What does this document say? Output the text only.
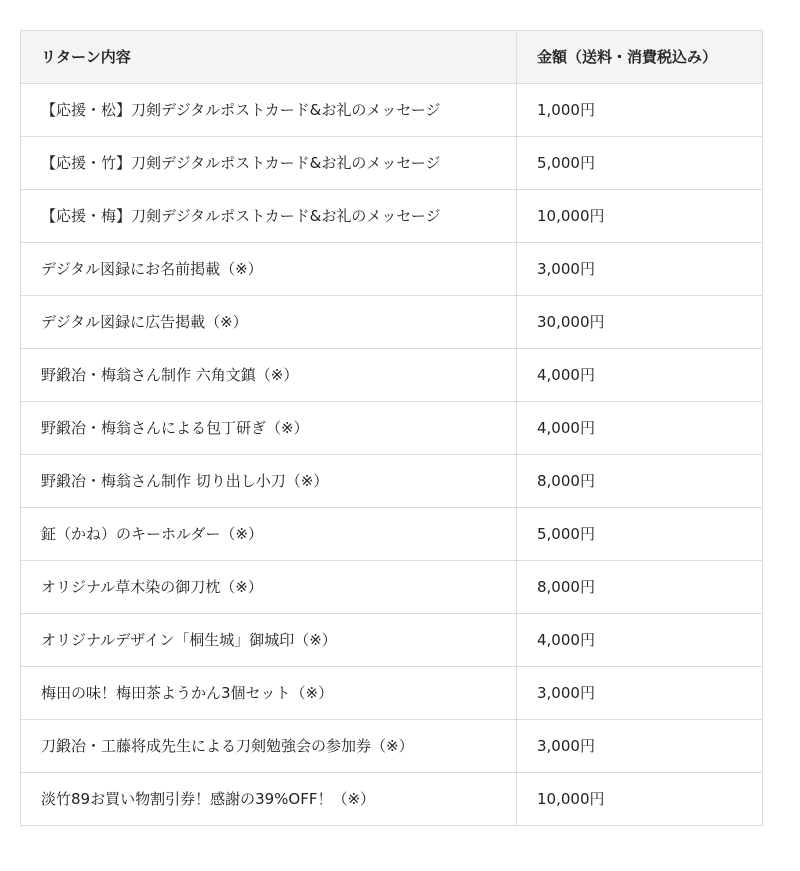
リターン内容	金額（送料・消費税込み）
【応援・松】刀剣デジタルポストカード&お礼のメッセージ	1,000円
【応援・竹】刀剣デジタルポストカード&お礼のメッセージ	5,000円
【応援・梅】刀剣デジタルポストカード&お礼のメッセージ	10,000円
デジタル図録にお名前掲載（※）	3,000円
デジタル図録に広告掲載（※）	30,000円
野鍛冶・梅翁さん制作 六角文鎮（※）	4,000円
野鍛冶・梅翁さんによる包丁研ぎ（※）	4,000円
野鍛冶・梅翁さん制作 切り出し小刀（※）	8,000円
鉦（かね）のキーホルダー（※）	5,000円
オリジナル草木染の御刀枕（※）	8,000円
オリジナルデザイン「桐生城」御城印（※）	4,000円
梅田の味！梅田茶ようかん3個セット（※）	3,000円
刀鍛冶・工藤将成先生による刀剣勉強会の参加券（※）	3,000円
淡竹89お買い物割引券！感謝の39%OFF！（※）	10,000円
